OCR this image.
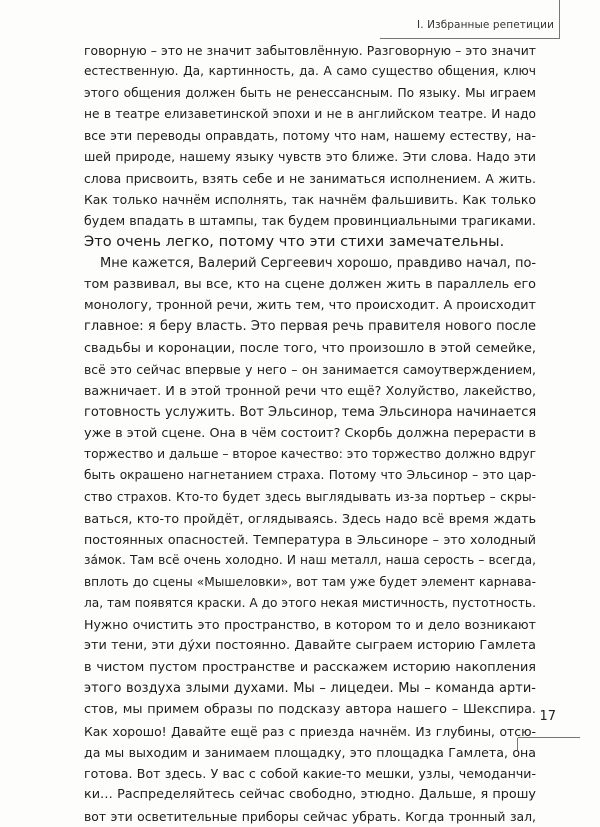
I. Избранные репетиции
говорную – это не значит забытовлённую. Разговорную – это значит
естественную. Да, картинность, да. А само существо общения, ключ
этого общения должен быть не ренессансным. По языку. Мы играем
не в театре елизаветинской эпохи и не в английском театре. И надо
все эти переводы оправдать, потому что нам, нашему естеству, на-
шей природе, нашему языку чувств это ближе. Эти слова. Надо эти
слова присвоить, взять себе и не заниматься исполнением. А жить.
Как только начнём исполнять, так начнём фальшивить. Как только
будем впадать в штампы, так будем провинциальными трагиками.
Это очень легко, потому что эти стихи замечательны.
Мне кажется, Валерий Сергеевич хорошо, правдиво начал, по-
том развивал, вы все, кто на сцене должен жить в параллель его
монологу, тронной речи, жить тем, что происходит. А происходит
главное: я беру власть. Это первая речь правителя нового после
свадьбы и коронации, после того, что произошло в этой семейке,
всё это сейчас впервые у него – он занимается самоутверждением,
важничает. И в этой тронной речи что ещё? Холуйство, лакейство,
готовность услужить. Вот Эльсинор, тема Эльсинора начинается
уже в этой сцене. Она в чём состоит? Скорбь должна перерасти в
торжество и дальше – второе качество: это торжество должно вдруг
быть окрашено нагнетанием страха. Потому что Эльсинор – это цар-
ство страхов. Кто-то будет здесь выглядывать из-за портьер – скры-
ваться, кто-то пройдёт, оглядываясь. Здесь надо всё время ждать
постоянных опасностей. Температура в Эльсиноре – это холодный
за́мок. Там всё очень холодно. И наш металл, наша серость – всегда,
вплоть до сцены «Мышеловки», вот там уже будет элемент карнава-
ла, там появятся краски. А до этого некая мистичность, пустотность.
Нужно очистить это пространство, в котором то и дело возникают
эти тени, эти ду́хи постоянно. Давайте сыграем историю Гамлета
в чистом пустом пространстве и расскажем историю накопления
этого воздуха злыми духами. Мы – лицедеи. Мы – команда арти-
стов, мы примем образы по подсказу автора нашего – Шекспира.
Как хорошо! Давайте ещё раз с приезда начнём. Из глубины, отсю-
да мы выходим и занимаем площадку, это площадка Гамлета, она
готова. Вот здесь. У вас с собой какие-то мешки, узлы, чемоданчи-
ки… Распределяйтесь сейчас свободно, этюдно. Дальше, я прошу
вот эти осветительные приборы сейчас убрать. Когда тронный зал,
17
